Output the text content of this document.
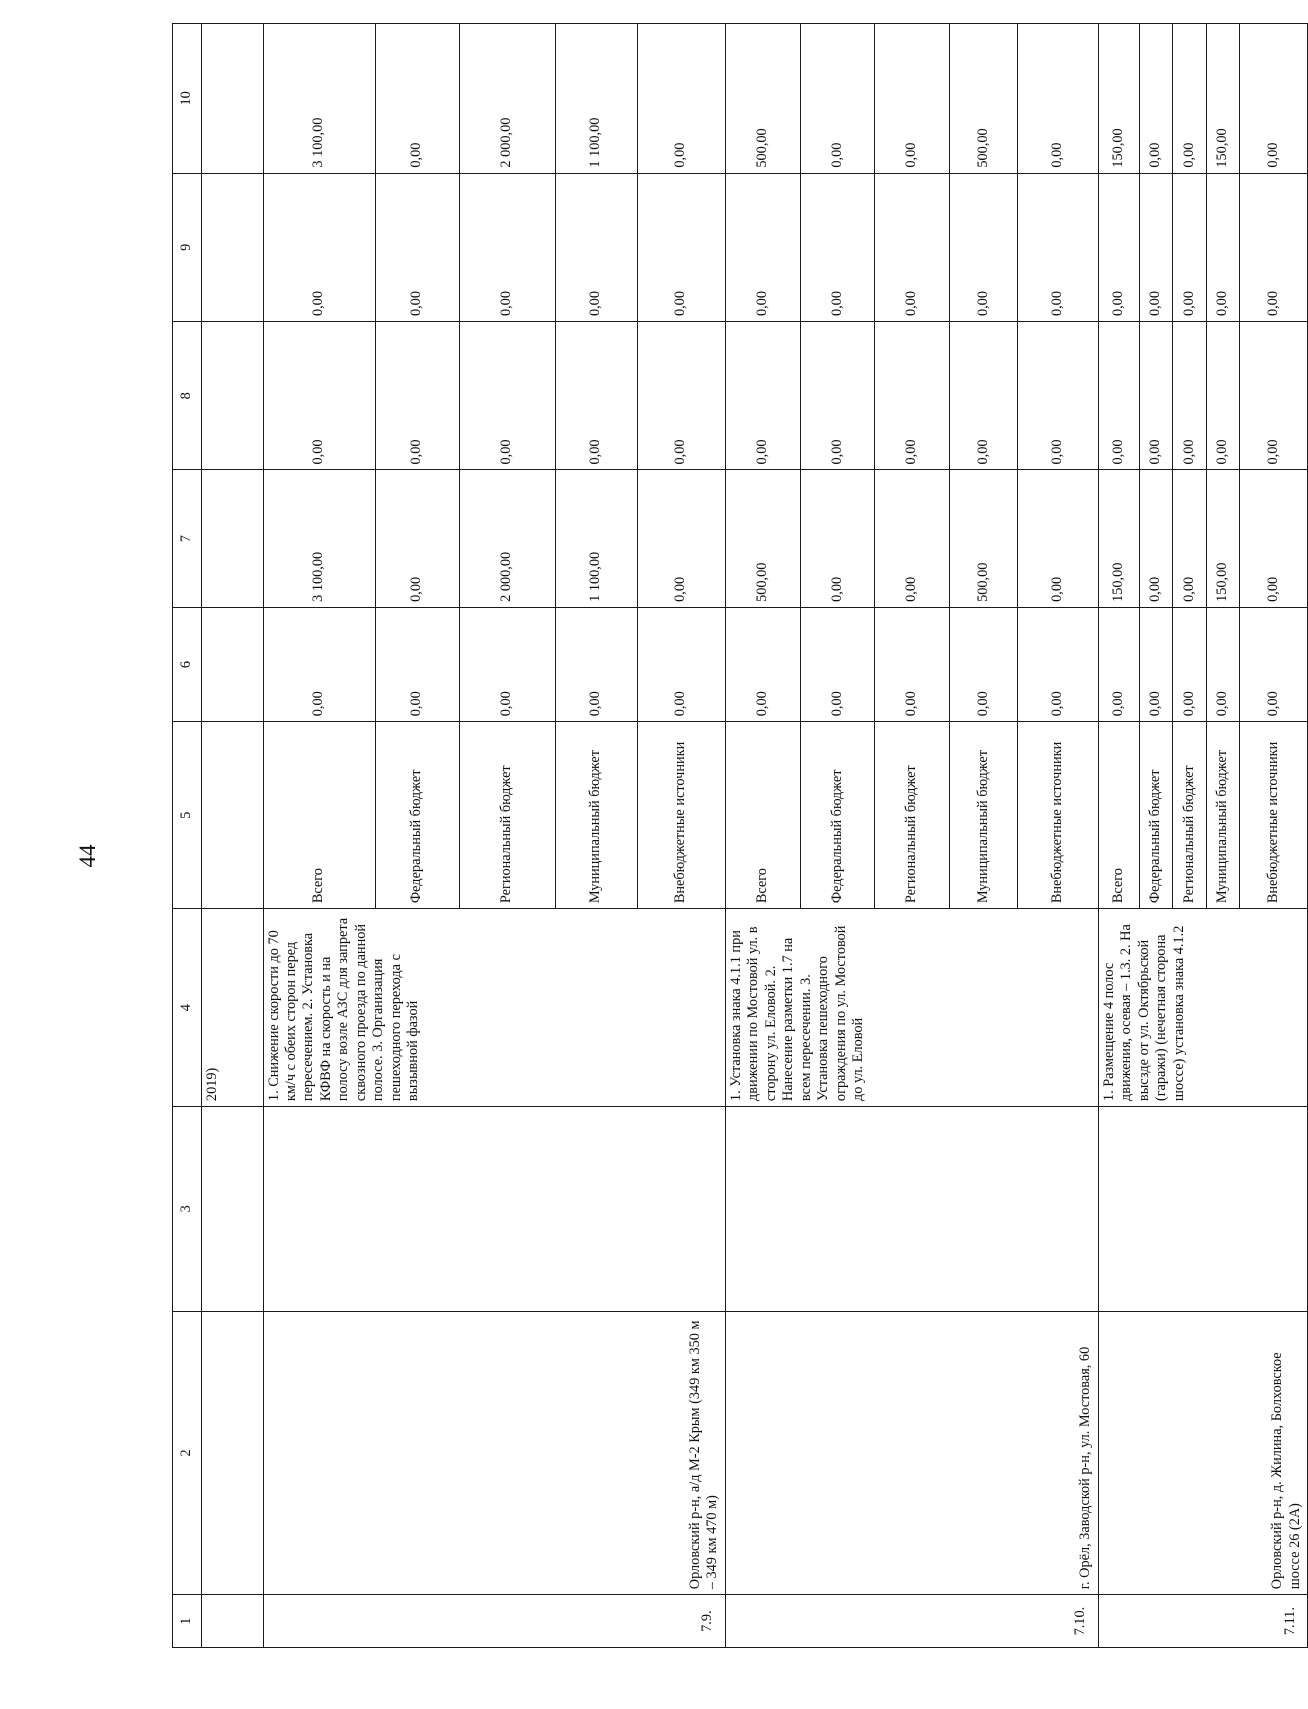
44
1	2	3	4	5	6	7	8	9	10
			2019)						
7.9.	Орловский р-н, а/д М-2 Крым (349 км 350 м – 349 км 470 м)		1. Снижение скорости до 70 км/ч с обеих сторон перед пересечением. 2. Установка КФВФ на скорость и на полосу возле АЗС для запрета сквозного проезда по данной полосе. 3. Организация пешеходного перехода с вызывной фазой	Всего	0,00	3 100,00	0,00	0,00	3 100,00
				Федеральный бюджет	0,00	0,00	0,00	0,00	0,00
				Региональный бюджет	0,00	2 000,00	0,00	0,00	2 000,00
				Муниципальный бюджет	0,00	1 100,00	0,00	0,00	1 100,00
				Внебюджетные источники	0,00	0,00	0,00	0,00	0,00
7.10.	г. Орёл, Заводской р-н, ул. Мостовая, 60		1. Установка знака 4.1.1 при движении по Мостовой ул. в сторону ул. Еловой. 2. Нанесение разметки 1.7 на всем пересечении. 3. Установка пешеходного ограждения по ул. Мостовой до ул. Еловой	Всего	0,00	500,00	0,00	0,00	500,00
				Федеральный бюджет	0,00	0,00	0,00	0,00	0,00
				Региональный бюджет	0,00	0,00	0,00	0,00	0,00
				Муниципальный бюджет	0,00	500,00	0,00	0,00	500,00
				Внебюджетные источники	0,00	0,00	0,00	0,00	0,00
7.11.	Орловский р-н, д. Жилина, Болховское шоссе 26 (2А)		1. Размещение 4 полос движения, осевая – 1.3. 2. На высзде от ул. Октябрьской (гаражи) (нечетная сторона шоссе) установка знака 4.1.2	Всего	0,00	150,00	0,00	0,00	150,00
				Федеральный бюджет	0,00	0,00	0,00	0,00	0,00
				Региональный бюджет	0,00	0,00	0,00	0,00	0,00
				Муниципальный бюджет	0,00	150,00	0,00	0,00	150,00
				Внебюджетные источники	0,00	0,00	0,00	0,00	0,00
